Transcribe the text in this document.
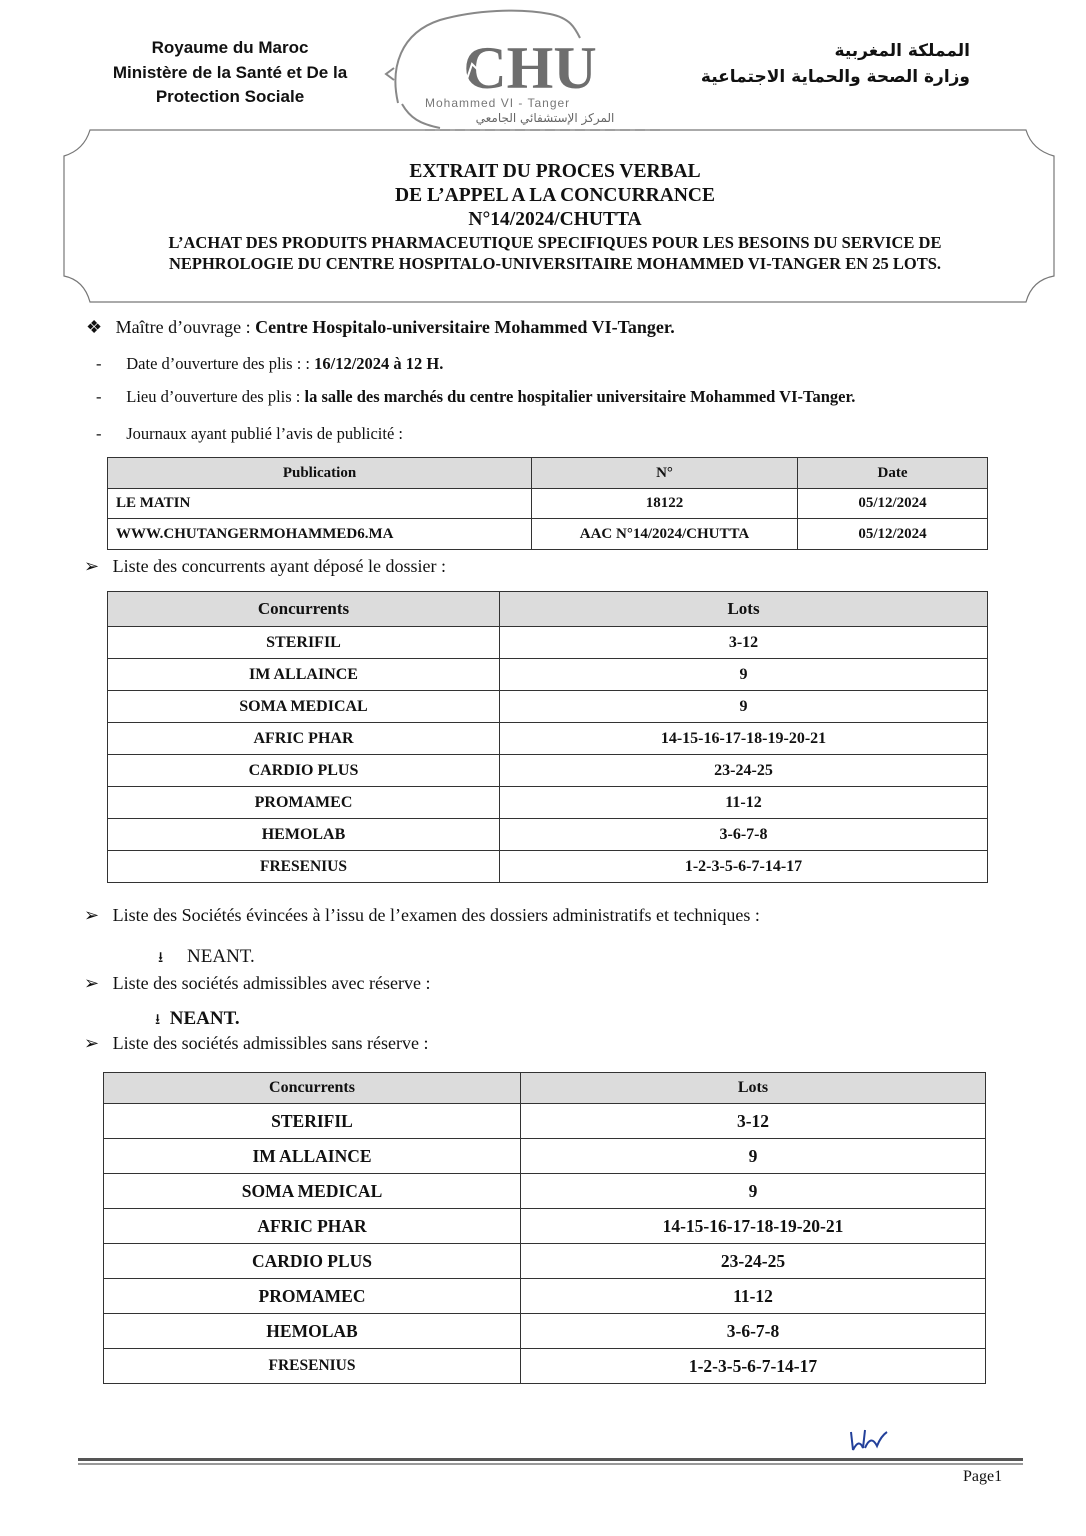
Royaume du Maroc
Ministère de la Santé et De la
Protection Sociale	CHU
Mohammed VI - Tanger
المركز الإستشفائي الجامعي
المملكة المغربية
وزارة الصحة والحماية الاجتماعية
EXTRAIT DU PROCES VERBAL
DE L’APPEL A LA CONCURRANCE
N°14/2024/CHUTTA
L’ACHAT DES PRODUITS PHARMACEUTIQUE SPECIFIQUES POUR LES BESOINS DU SERVICE DE
NEPHROLOGIE DU CENTRE HOSPITALO-UNIVERSITAIRE MOHAMMED VI-TANGER EN 25 LOTS.
❖ Maître d’ouvrage : Centre Hospitalo-universitaire Mohammed VI-Tanger.
- Date d’ouverture des plis : : 16/12/2024 à 12 H.
- Lieu d’ouverture des plis : la salle des marchés du centre hospitalier universitaire Mohammed VI-Tanger.
- Journaux ayant publié l’avis de publicité :
Publication	N°	Date
LE MATIN	18122	05/12/2024
WWW.CHUTANGERMOHAMMED6.MA	AAC N°14/2024/CHUTTA	05/12/2024
➢ Liste des concurrents ayant déposé le dossier :
Concurrents	Lots
STERIFIL	3-12
IM ALLAINCE	9
SOMA MEDICAL	9
AFRIC PHAR	14-15-16-17-18-19-20-21
CARDIO PLUS	23-24-25
PROMAMEC	11-12
HEMOLAB	3-6-7-8
FRESENIUS	1-2-3-5-6-7-14-17
➢ Liste des Sociétés évincées à l’issu de l’examen des dossiers administratifs et techniques :
⭳ NEANT.
➢ Liste des sociétés admissibles avec réserve :
⭳ NEANT.
➢ Liste des sociétés admissibles sans réserve :
Concurrents	Lots
STERIFIL	3-12
IM ALLAINCE	9
SOMA MEDICAL	9
AFRIC PHAR	14-15-16-17-18-19-20-21
CARDIO PLUS	23-24-25
PROMAMEC	11-12
HEMOLAB	3-6-7-8
FRESENIUS	1-2-3-5-6-7-14-17
Page1
